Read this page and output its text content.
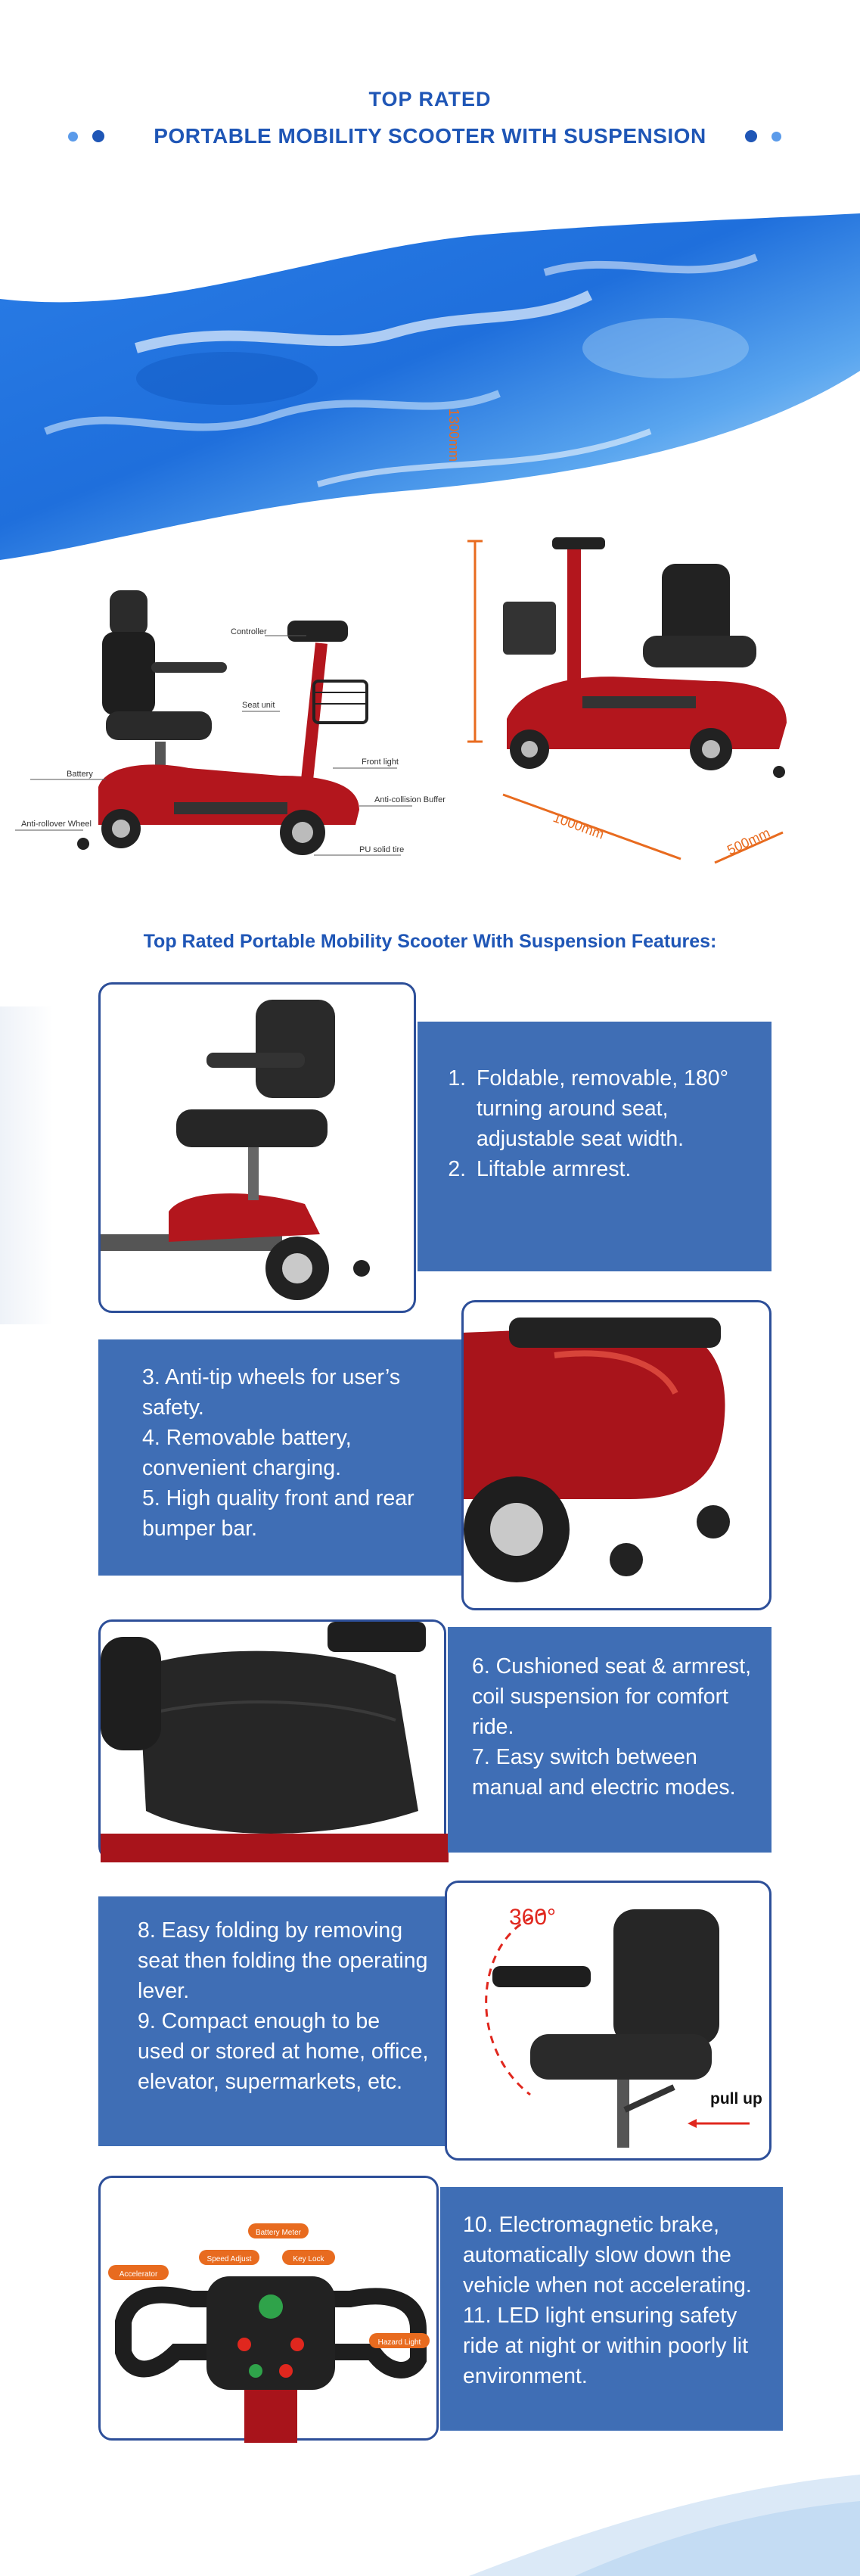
TOP RATED
PORTABLE MOBILITY SCOOTER WITH SUSPENSION
Controller
Seat unit
Battery
Front light
Anti-collision Buffer
Anti-rollover Wheel
PU solid tire
1300mm
1000mm	500mm
Top Rated Portable Mobility Scooter With Suspension Features:
1. Foldable, removable, 180° turning around seat, adjustable seat width.
2. Liftable armrest.

3. Anti-tip wheels for user’s safety.

4. Removable battery, convenient charging.

5. High quality front and rear bumper bar.

6. Cushioned seat & armrest, coil suspension for comfort ride.

7. Easy switch between manual and electric modes.

8. Easy folding by removing seat then folding the operating lever.

9. Compact enough to be used or stored at home, office, elevator, supermarkets, etc.

360°
pull up
Battery Meter
Speed Adjust	Key Lock
Accelerator
Hazard Light

10. Electromagnetic brake, automatically slow down the vehicle when not accelerating.

11. LED light ensuring safety ride at night or within poorly lit environment.
